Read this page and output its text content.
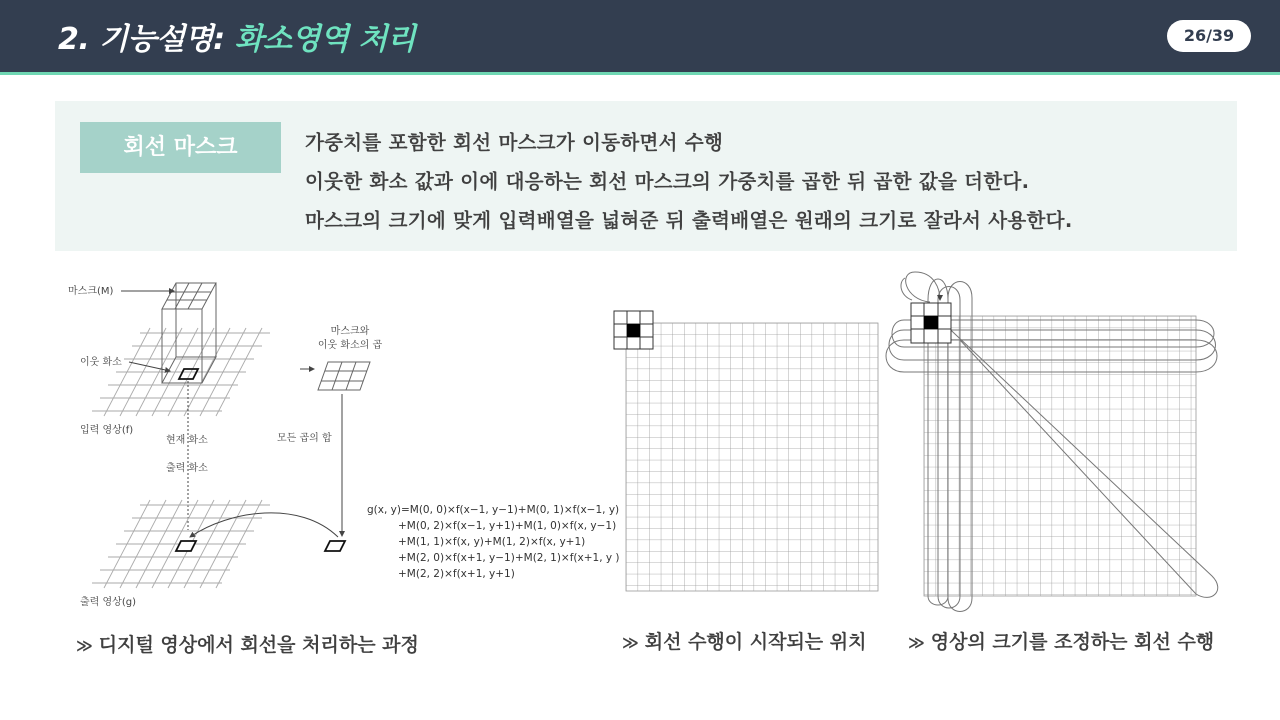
2. 기능설명: 화소영역 처리	26/39
회선 마스크	가중치를 포함한 회선 마스크가 이동하면서 수행
이웃한 화소 값과 이에 대응하는 회선 마스크의 가중치를 곱한 뒤 곱한 값을 더한다.
마스크의 크기에 맞게 입력배열을 넓혀준 뒤 출력배열은 원래의 크기로 잘라서 사용한다.
마스크(M)
이웃 화소
입력 영상(f)
현재 화소
마스크와
이웃 화소의 곱
모든 곱의 합
출력 화소
출력 영상(g)
g(x, y)=M(0, 0)×f(x−1, y−1)+M(0, 1)×f(x−1, y)
+M(0, 2)×f(x−1, y+1)+M(1, 0)×f(x, y−1)
+M(1, 1)×f(x, y)+M(1, 2)×f(x, y+1)
+M(2, 0)×f(x+1, y−1)+M(2, 1)×f(x+1, y )
+M(2, 2)×f(x+1, y+1)
≫ 디지털 영상에서 회선을 처리하는 과정	≫ 회선 수행이 시작되는 위치	≫ 영상의 크기를 조정하는 회선 수행
